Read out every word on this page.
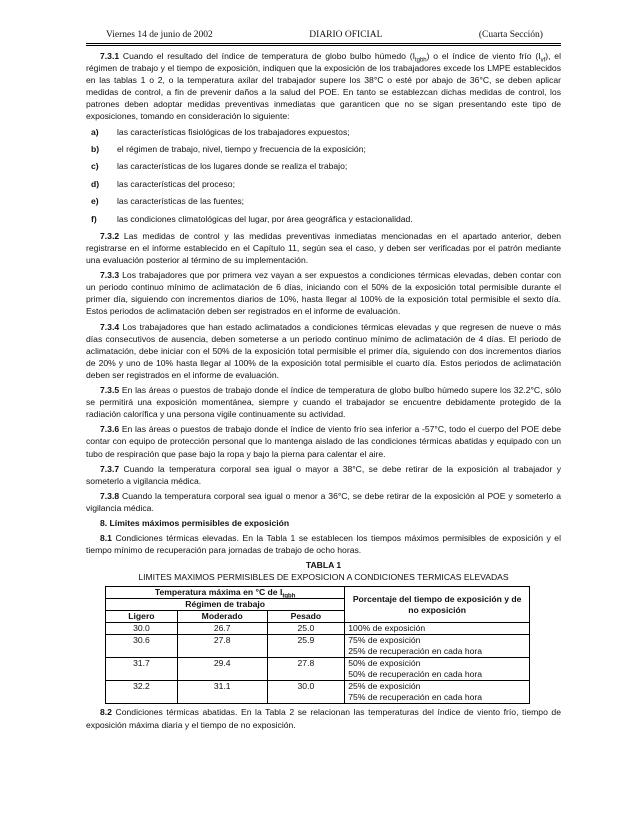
Viernes 14 de junio de 2002	DIARIO OFICIAL	(Cuarta Sección)

7.3.1 Cuando el resultado del índice de temperatura de globo bulbo húmedo $(I_{tgbh})$ o el índice de viento frío $(I_{vf})$, el régimen de trabajo y el tiempo de exposición, indiquen que la exposición de los trabajadores excede los LMPE establecidos en las tablas 1 o 2, o la temperatura axilar del trabajador supere los 38°C o esté por abajo de 36°C, se deben aplicar medidas de control, a fin de prevenir daños a la salud del POE. En tanto se establezcan dichas medidas de control, los patrones deben adoptar medidas preventivas inmediatas que garanticen que no se sigan presentando este tipo de exposiciones, tomando en consideración lo siguiente:

a)	las características fisiológicas de los trabajadores expuestos;
b)	el régimen de trabajo, nivel, tiempo y frecuencia de la exposición;
c)	las características de los lugares donde se realiza el trabajo;
d)	las características del proceso;
e)	las características de las fuentes;
f)	las condiciones climatológicas del lugar, por área geográfica y estacionalidad.

7.3.2 Las medidas de control y las medidas preventivas inmediatas mencionadas en el apartado anterior, deben registrarse en el informe establecido en el Capítulo 11, según sea el caso, y deben ser verificadas por el patrón mediante una evaluación posterior al término de su implementación.

7.3.3 Los trabajadores que por primera vez vayan a ser expuestos a condiciones térmicas elevadas, deben contar con un periodo continuo mínimo de aclimatación de 6 días, iniciando con el 50% de la exposición total permisible durante el primer día, siguiendo con incrementos diarios de 10%, hasta llegar al 100% de la exposición total permisible el sexto día. Estos periodos de aclimatación deben ser registrados en el informe de evaluación.

7.3.4 Los trabajadores que han estado aclimatados a condiciones térmicas elevadas y que regresen de nueve o más días consecutivos de ausencia, deben someterse a un periodo continuo mínimo de aclimatación de 4 días. El periodo de aclimatación, debe iniciar con el 50% de la exposición total permisible el primer día, siguiendo con dos incrementos diarios de 20% y uno de 10% hasta llegar al 100% de la exposición total permisible el cuarto día. Estos periodos de aclimatación deben ser registrados en el informe de evaluación.

7.3.5 En las áreas o puestos de trabajo donde el índice de temperatura de globo bulbo húmedo supere los 32.2°C, sólo se permitirá una exposición momentánea, siempre y cuando el trabajador se encuentre debidamente protegido de la radiación calorífica y una persona vigile continuamente su actividad.

7.3.6 En las áreas o puestos de trabajo donde el índice de viento frío sea inferior a -57°C, todo el cuerpo del POE debe contar con equipo de protección personal que lo mantenga aislado de las condiciones térmicas abatidas y equipado con un tubo de respiración que pase bajo la ropa y bajo la pierna para calentar el aire.

7.3.7 Cuando la temperatura corporal sea igual o mayor a 38°C, se debe retirar de la exposición al trabajador y someterlo a vigilancia médica.

7.3.8 Cuando la temperatura corporal sea igual o menor a 36°C, se debe retirar de la exposición al POE y someterlo a vigilancia médica.

8. Límites máximos permisibles de exposición

8.1 Condiciones térmicas elevadas. En la Tabla 1 se establecen los tiempos máximos permisibles de exposición y el tiempo mínimo de recuperación para jornadas de trabajo de ocho horas.

TABLA 1
LIMITES MAXIMOS PERMISIBLES DE EXPOSICION A CONDICIONES TERMICAS ELEVADAS
Temperatura máxima en °C de $I_{tgbh}$			Porcentaje del tiempo de exposición y de no exposición
Régimen de trabajo			
Ligero	Moderado	Pesado	
30.0	26.7	25.0	100% de exposición

30.6	27.8	25.9	75% de exposición
25% de recuperación en cada hora

31.7	29.4	27.8	50% de exposición
50% de recuperación en cada hora

32.2	31.1	30.0	25% de exposición
75% de recuperación en cada hora

8.2 Condiciones térmicas abatidas. En la Tabla 2 se relacionan las temperaturas del índice de viento frío, tiempo de exposición máxima diaria y el tiempo de no exposición.
